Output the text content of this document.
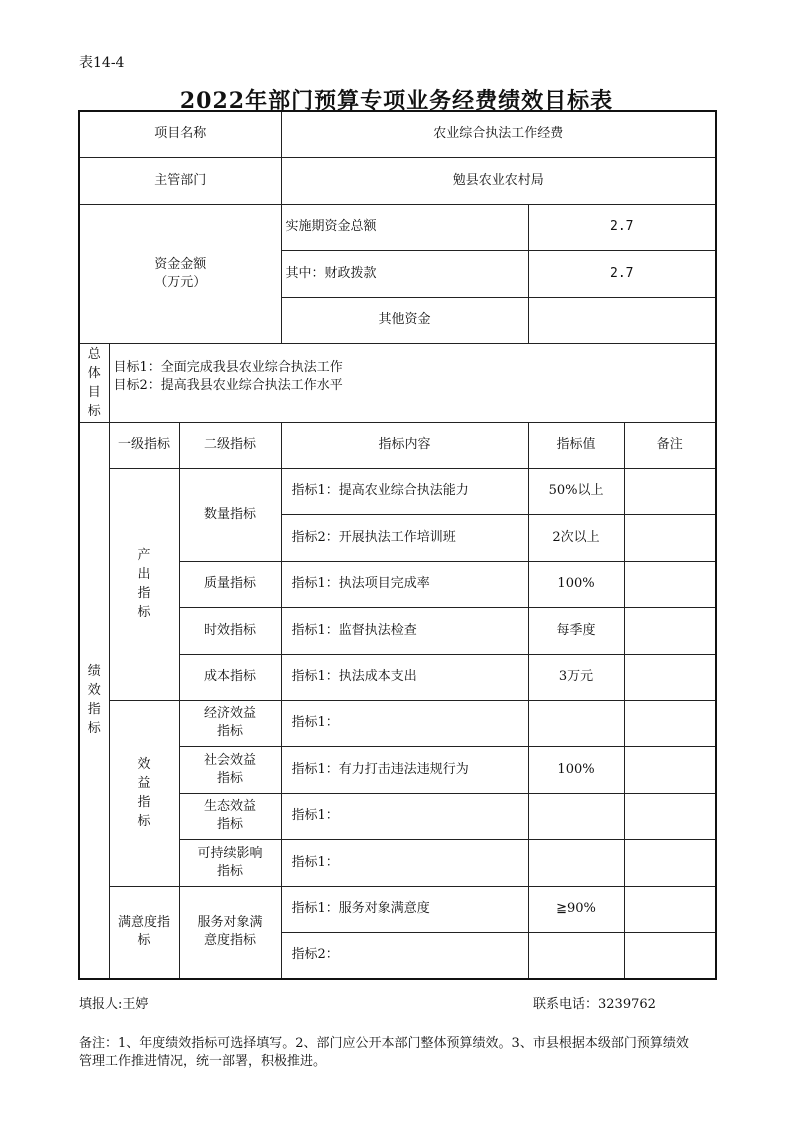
表14-4
2022年部门预算专项业务经费绩效目标表
项目名称			农业综合执法工作经费		
主管部门			勉县农业农村局		

资金金额
（万元）			实施期资金总额	2.7	
			其中：财政拨款	2.7	
			其他资金		

总体目标	目标1：全面完成我县农业综合执法工作
目标2：提高我县农业综合执法工作水平				

绩效指标	一级指标	二级指标	指标内容	指标值	备注

	产出指标	数量指标	指标1：提高农业综合执法能力	50%以上	
			指标2：开展执法工作培训班	2次以上	
		质量指标	指标1：执法项目完成率	100%	
		时效指标	指标1：监督执法检查	每季度	
		成本指标	指标1：执法成本支出	3万元	

	效益指标	经济效益指标	指标1：		

		社会效益指标	指标1：有力打击违法违规行为	100%	

		生态效益指标	指标1：		

		可持续影响指标	指标1：		

	满意度指标	服务对象满意度指标	指标1：服务对象满意度	≧90%	
			指标2：		
填报人:王婷	联系电话：3239762
备注：1、年度绩效指标可选择填写。2、部门应公开本部门整体预算绩效。3、市县根据本级部门预算绩效
管理工作推进情况，统一部署，积极推进。
